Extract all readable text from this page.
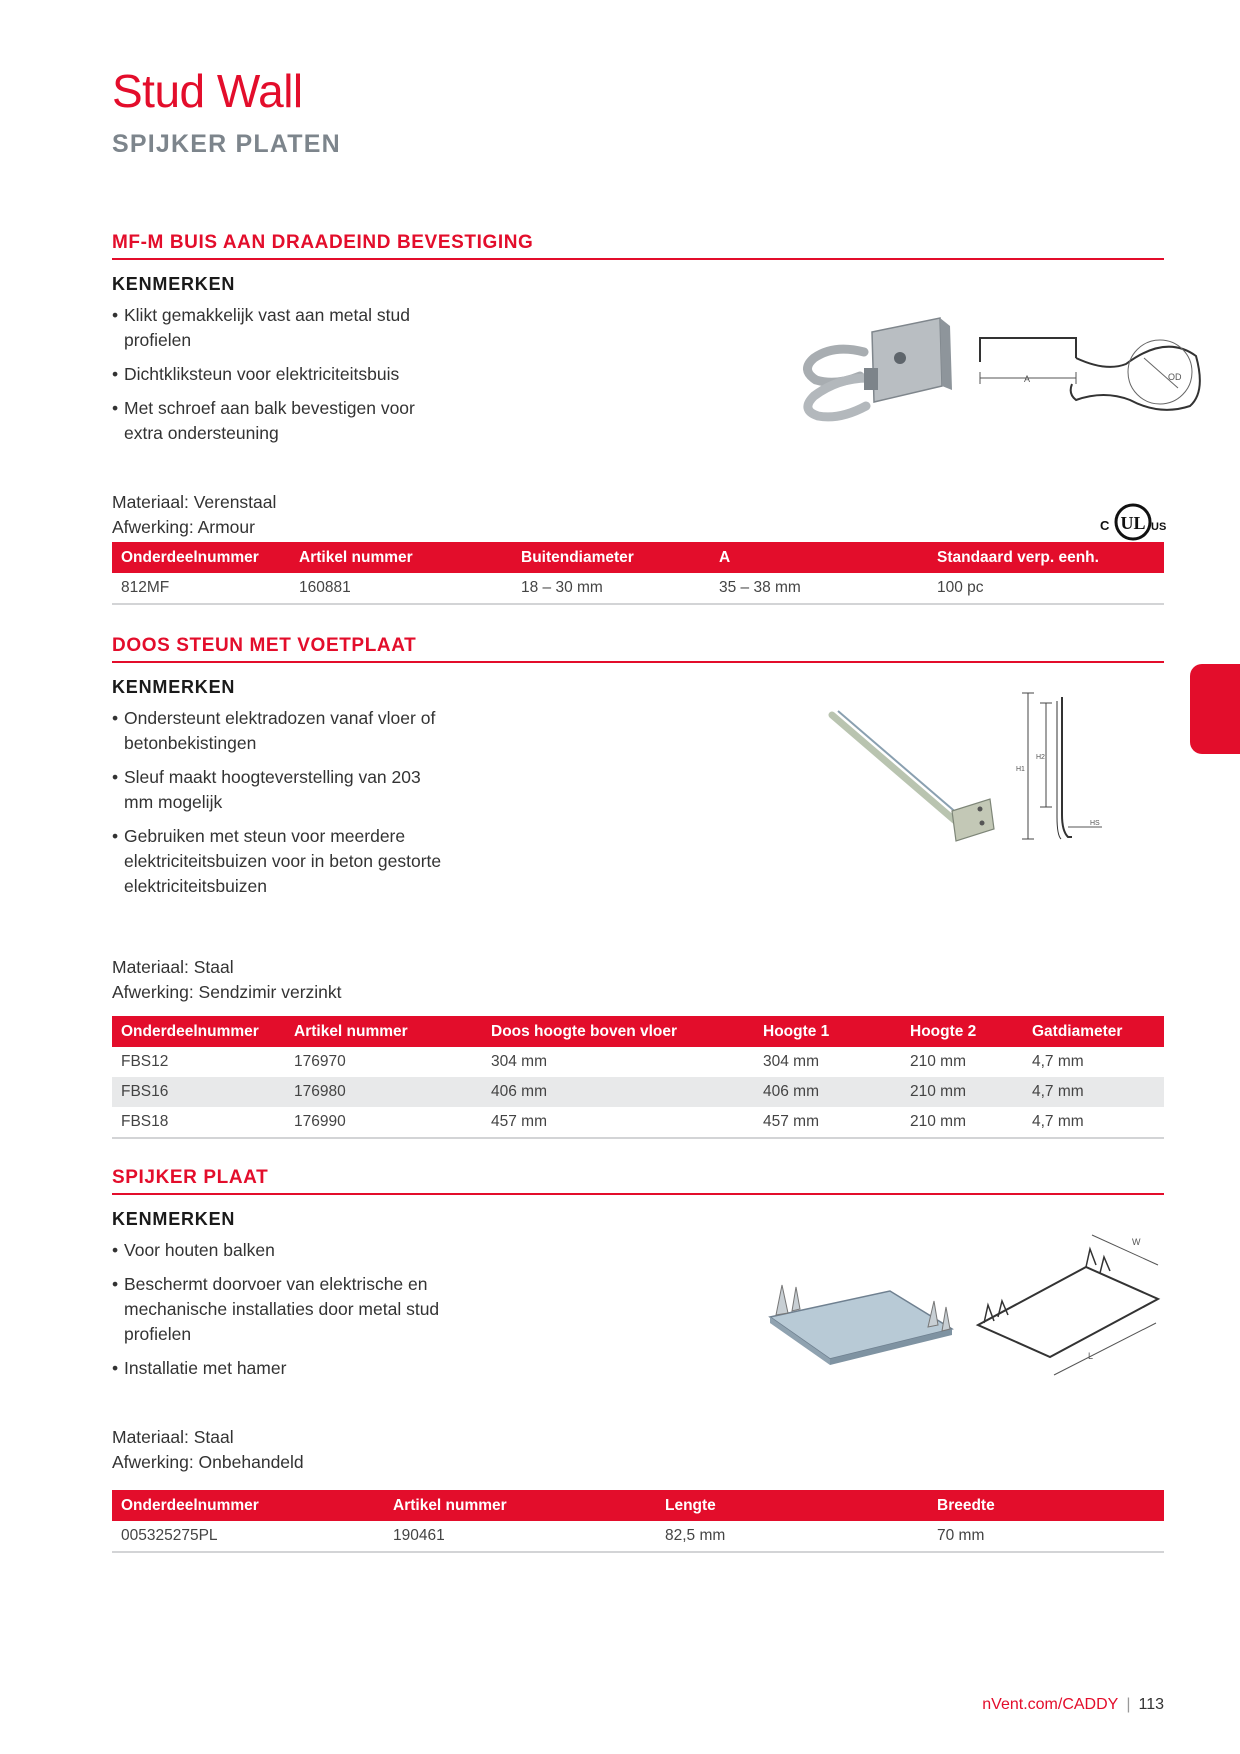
Stud Wall
SPIJKER PLATEN
MF-M BUIS AAN DRAADEIND BEVESTIGING
KENMERKEN
• Klikt gemakkelijk vast aan metal stud profielen
• Dichtkliksteun voor elektriciteitsbuis
• Met schroef aan balk bevestigen voor extra ondersteuning
OD
A
Materiaal: Verenstaal
Afwerking: Armour	UL
C	US
Onderdeelnummer	Artikel nummer	Buitendiameter	A	Standaard verp. eenh.
812MF	160881	18 – 30 mm	35 – 38 mm	100 pc
DOOS STEUN MET VOETPLAAT
KENMERKEN
• Ondersteunt elektradozen vanaf vloer of betonbekistingen
• Sleuf maakt hoogteverstelling van 203 mm mogelijk
• Gebruiken met steun voor meerdere elektriciteitsbuizen voor in beton gestorte elektriciteitsbuizen
H1
H2
HS
Materiaal: Staal
Afwerking: Sendzimir verzinkt
Onderdeelnummer	Artikel nummer	Doos hoogte boven vloer	Hoogte 1	Hoogte 2	Gatdiameter
FBS12	176970	304 mm	304 mm	210 mm	4,7 mm
FBS16	176980	406 mm	406 mm	210 mm	4,7 mm
FBS18	176990	457 mm	457 mm	210 mm	4,7 mm
SPIJKER PLAAT
KENMERKEN
• Voor houten balken
• Beschermt doorvoer van elektrische en mechanische installaties door metal stud profielen
• Installatie met hamer
W
L
Materiaal: Staal
Afwerking: Onbehandeld
Onderdeelnummer	Artikel nummer	Lengte	Breedte
005325275PL	190461	82,5 mm	70 mm
nVent.com/CADDY | 113
